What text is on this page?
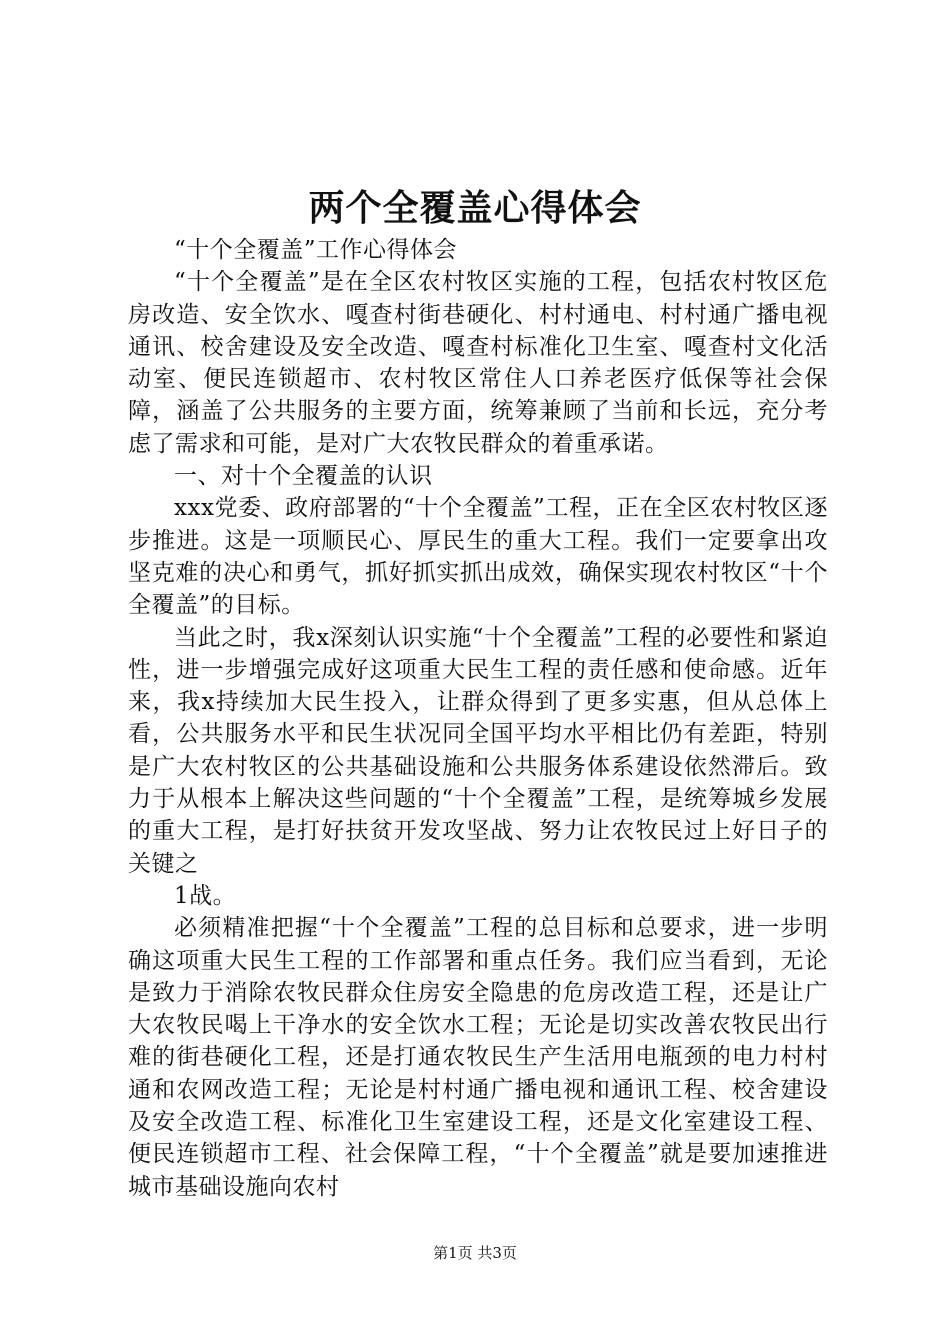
两个全覆盖心得体会

“十个全覆盖”工作心得体会

“十个全覆盖”是在全区农村牧区实施的工程，包括农村牧区危房改造、安全饮水、嘎查村街巷硬化、村村通电、村村通广播电视通讯、校舍建设及安全改造、嘎查村标准化卫生室、嘎查村文化活动室、便民连锁超市、农村牧区常住人口养老医疗低保等社会保障，涵盖了公共服务的主要方面，统筹兼顾了当前和长远，充分考虑了需求和可能，是对广大农牧民群众的着重承诺。

一、对十个全覆盖的认识

xxx党委、政府部署的“十个全覆盖”工程，正在全区农村牧区逐步推进。这是一项顺民心、厚民生的重大工程。我们一定要拿出攻坚克难的决心和勇气，抓好抓实抓出成效，确保实现农村牧区“十个全覆盖”的目标。

当此之时，我x深刻认识实施“十个全覆盖”工程的必要性和紧迫性，进一步增强完成好这项重大民生工程的责任感和使命感。近年来，我x持续加大民生投入，让群众得到了更多实惠，但从总体上看，公共服务水平和民生状况同全国平均水平相比仍有差距，特别是广大农村牧区的公共基础设施和公共服务体系建设依然滞后。致力于从根本上解决这些问题的“十个全覆盖”工程，是统筹城乡发展的重大工程，是打好扶贫开发攻坚战、努力让农牧民过上好日子的关键之

1战。

必须精准把握“十个全覆盖”工程的总目标和总要求，进一步明确这项重大民生工程的工作部署和重点任务。我们应当看到，无论是致力于消除农牧民群众住房安全隐患的危房改造工程，还是让广大农牧民喝上干净水的安全饮水工程；无论是切实改善农牧民出行难的街巷硬化工程，还是打通农牧民生产生活用电瓶颈的电力村村通和农网改造工程；无论是村村通广播电视和通讯工程、校舍建设及安全改造工程、标准化卫生室建设工程，还是文化室建设工程、便民连锁超市工程、社会保障工程，“十个全覆盖”就是要加速推进城市基础设施向农村

第1页 共3页
